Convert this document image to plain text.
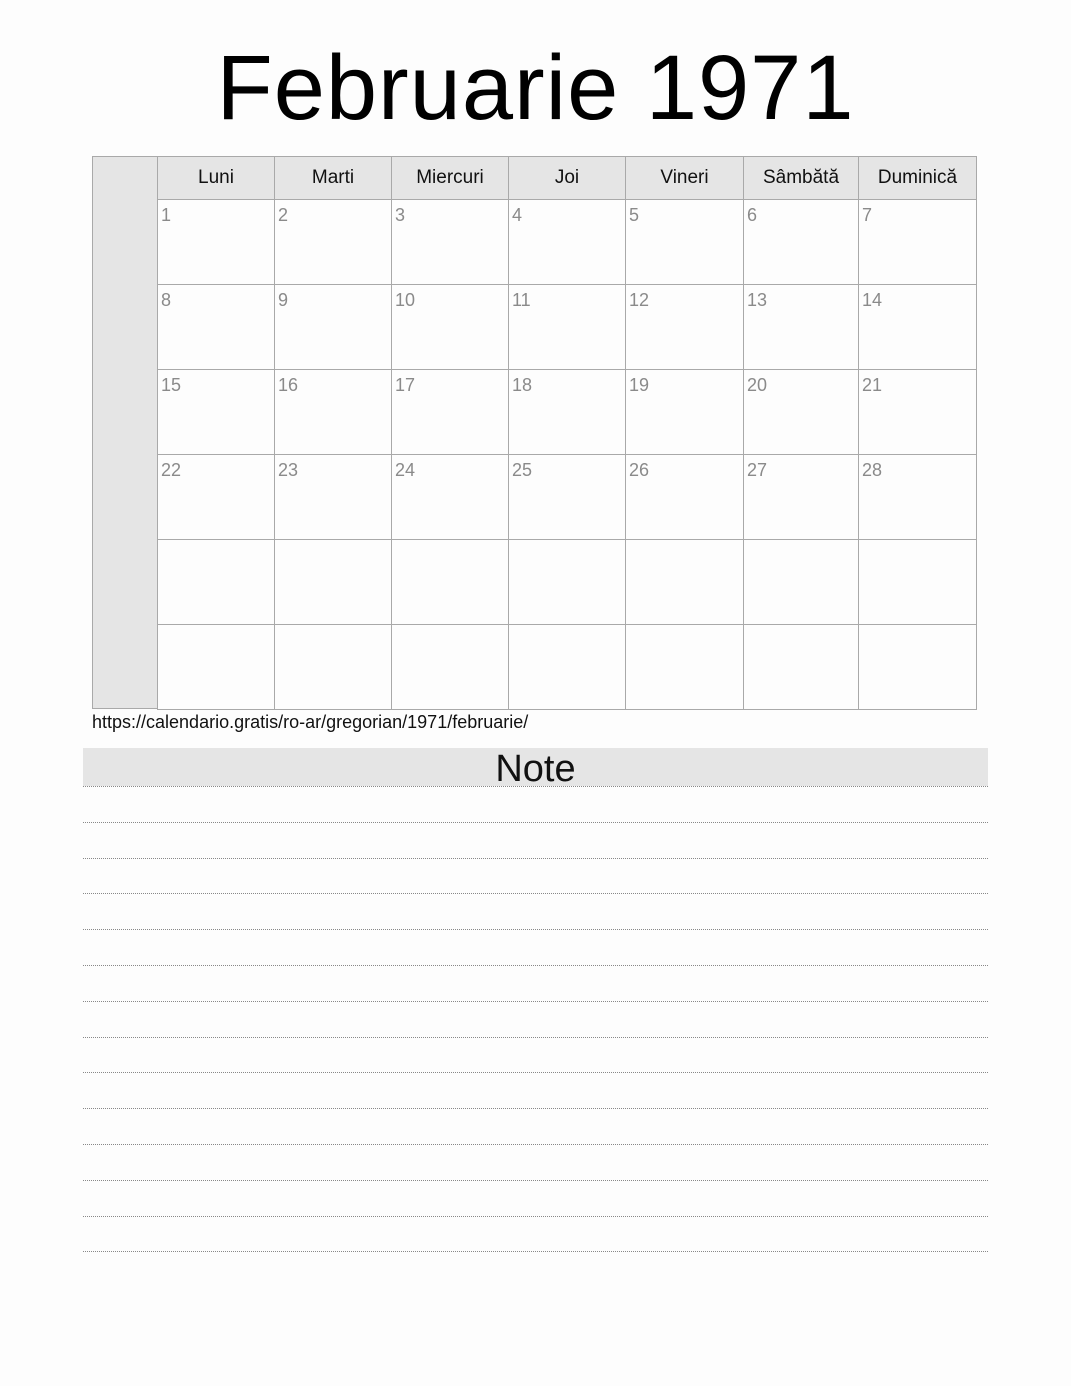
Februarie 1971
Luni	Marti	Miercuri	Joi	Vineri	Sâmbătă	Duminică

1	2	3	4	5	6	7

8	9	10	11	12	13	14

15	16	17	18	19	20	21

22	23	24	25	26	27	28

https://calendario.gratis/ro-ar/gregorian/1971/februarie/
Note
